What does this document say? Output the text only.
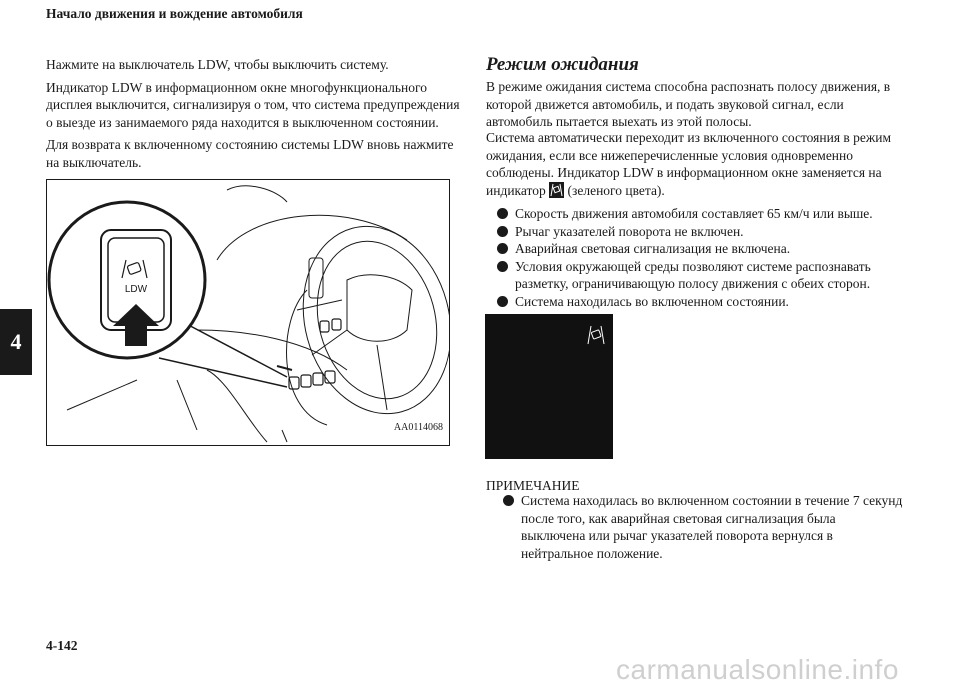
Начало движения и вождение автомобиля
4

Нажмите на выключатель LDW, чтобы выключить систему.

Индикатор LDW в информационном окне многофункционального дисплея выключится, сигнализируя о том, что система предупреждения о выезде из занимаемого ряда находится в выключенном состоянии.

Для возврата к включенному состоянию системы LDW вновь нажмите на выключатель.

LDW
AA0114068
Режим ожидания

В режиме ожидания система способна распознать полосу движения, в которой движется автомобиль, и подать звуковой сигнал, если автомобиль пытается выехать из этой полосы.

Система автоматически переходит из включенного состояния в режим ожидания, если все нижеперечисленные условия одновременно соблюдены. Индикатор LDW в информационном окне заменяется на индикатор (зеленого цвета).

Скорость движения автомобиля составляет 65 км/ч или выше.

Рычаг указателей поворота не включен.

Аварийная световая сигнализация не включена.

Условия окружающей среды позволяют системе распознавать разметку, ограничивающую полосу движения с обеих сторон.

Система находилась во включенном состоянии.

ПРИМЕЧАНИЕ

Система находилась во включенном состоянии в течение 7 секунд после того, как аварийная световая сигнализация была выключена или рычаг указателей поворота вернулся в нейтральное положение.

4-142
carmanualsonline.info
